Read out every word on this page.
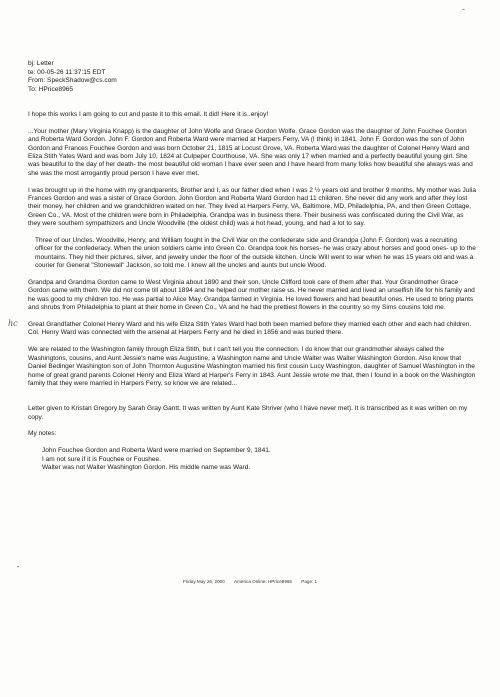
-
hc
bj: Letter
te: 00-05-26 11:37:15 EDT
From: SpeckShadow@cs.com
To: HPrice8965

I hope this works I am going to cut and paste it to this email. It did! Here it is..enjoy!

...Your mother (Mary Virginia Knapp) is the daughter of John Wolfe and Grace Gordon Wolfe. Grace Gordon was the daughter of John Fouchee Gordon and Roberta Ward Gordon. John F. Gordon and Roberta Ward were married at Harpers Ferry, VA (I think) in 1841. John F. Gordon was the son of John Gordon and Frances Fouchee Gordon and was born October 21, 1815 at Locust Grove, VA. Roberta Ward was the daughter of Colonel Henry Ward and Eliza Stith Yates Ward and was born July 10, 1824 at Culpeper Courthouse, VA. She was only 17 when married and a perfectly beautiful young girl. She was beautiful to the day of her death- the most beautiful old woman I have ever seen and I have heard from many folks how beautiful she always was and she was the most arrogantly proud person I have ever met.

I was brought up in the home with my grandparents, Brother and I, as our father died when I was 2 ½ years old and brother 9 months. My mother was Julia Frances Gordon and was a sister of Grace Gordon. John Gordon and Roberta Ward Gordon had 11 children. She never did any work and after they lost their money, her children and we grandchildren waited on her. They lived at Harpers Ferry, VA, Baltimore, MD, Philadelphia, PA, and then Green Cottage, Green Co., VA. Most of the children were born in Philadelphia. Grandpa was in business there. Their business was confiscated during the Civil War, as they were southern sympathizers and Uncle Woodville (the oldest child) was a hot head, young, and had a lot to say.

Three of our Uncles. Woodville, Henry, and William fought in the Civil War on the confederate side and Grandpa (John F. Gordon) was a recruiting officer for the confederacy. When the union soldiers came into Green Co. Grandpa took his horses- he was crazy about horses and good ones- up to the mountains. They hid their pictures, silver, and jewelry under the floor of the outside kitchen. Uncle Will went to war when he was 15 years old and was a courier for General "Stonewall" Jackson, so told me. I knew all the uncles and aunts but uncle Wood.

Grandpa and Grandma Gordon came to West Virginia about 1890 and their son, Uncle Clifford took care of them after that. Your Grandmother Grace Gordon came with them. We did not come till about 1894 and he helped our mother raise us. He never married and lived an unselfish life for his family and he was good to my children too. He was partial to Alice May. Grandpa farmed in Virginia. He loved flowers and had beautiful ones. He used to bring plants and shrubs from Philadelphia to plant at their home in Green Co., VA and he had the prettiest flowers in the country so my Sims cousins told me.

Great Grandfather Colonel Henry Ward and his wife Eliza Stith Yates Ward had both been married before they married each other and each had children. Col. Henry Ward was connected with the arsenal at Harpers Ferry and he died in 1856 and was buried there.

We are related to the Washington family through Eliza Stith, but I can't tell you the connection. I do know that our grandmother always called the Washingtons, cousins, and Aunt Jessie's name was Augustine, a Washington name and Uncle Walter was Walter Washington Gordon. Also know that Daniel Bedinger Washington son of John Thornton Augustine Washington married his first cousin Lucy Washington, daughter of Samuel Washington in the home of great grand parents Colonel Henry and Eliza Ward at Harper's Ferry in 1843. Aunt Jessie wrote me that, then I found in a book on the Washington family that they were married in Harpers Ferry, so know we are related...

Letter given to Kristan Gregory by Sarah Gray Gantt. It was written by Aunt Kate Shriver (who I have never met). It is transcribed as it was written on my copy.

My notes:

John Fouchee Gordon and Roberta Ward were married on September 9, 1841.
I am not sure if it is Fouchee or Foushee.
Walter was not Walter Washington Gordon. His middle name was Ward.
-
Friday May 26, 2000 America Online: HPrice8965 Page: 1
